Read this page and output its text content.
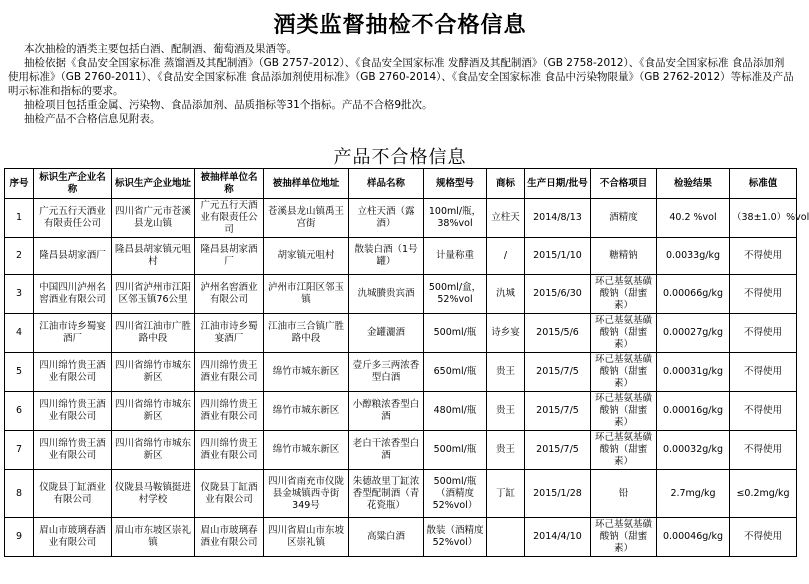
酒类监督抽检不合格信息

本次抽检的酒类主要包括白酒、配制酒、葡萄酒及果酒等。

抽检依据《食品安全国家标准 蒸馏酒及其配制酒》（GB 2757-2012）、《食品安全国家标准 发酵酒及其配制酒》（GB 2758-2012）、《食品安全国家标准 食品添加剂使用标准》（GB 2760-2011）、《食品安全国家标准 食品添加剂使用标准》（GB 2760-2014）、《食品安全国家标准 食品中污染物限量》（GB 2762-2012）等标准及产品明示标准和指标的要求。

抽检项目包括重金属、污染物、食品添加剂、品质指标等31个指标。产品不合格9批次。

抽检产品不合格信息见附表。

产品不合格信息
序号	标识生产企业名称	标识生产企业地址	被抽样单位名称	被抽样单位地址	样品名称	规格型号	商标	生产日期/批号	不合格项目	检验结果	标准值
1	广元五行天酒业有限责任公司	四川省广元市苍溪县龙山镇	广元五行天酒业有限责任公司	苍溪县龙山镇禹王宫街	立柱天酒（露酒）	100ml/瓶，38%vol	立柱天	2014/8/13	酒精度	40.2 %vol	（38±1.0）%vol
2	隆昌县胡家酒厂	隆昌县胡家镇元咀村	隆昌县胡家酒厂	胡家镇元咀村	散装白酒（1号罐）	计量称重	/	2015/1/10	糖精钠	0.0033g/kg	不得使用
3	中国四川泸州名窖酒业有限公司	四川省泸州市江阳区邻玉镇76公里	泸州名窖酒业有限公司	泸州市江阳区邻玉镇	氿城賸贵宾酒	500ml/盒，52%vol	氿城	2015/6/30	环己基氨基磺酸钠（甜蜜素）	0.00066g/kg	不得使用
4	江油市诗乡蜀宴酒厂	四川省江油市广胜路中段	江油市诗乡蜀宴酒厂	江油市三合镇广胜路中段	金罐灑酒	500ml/瓶	诗乡宴	2015/5/6	环己基氨基磺酸钠（甜蜜素）	0.00027g/kg	不得使用
5	四川绵竹贵王酒业有限公司	四川省绵竹市城东新区	四川绵竹贵王酒业有限公司	绵竹市城东新区	壹斤多三两浓香型白酒	650ml/瓶	贵王	2015/7/5	环己基氨基磺酸钠（甜蜜素）	0.00031g/kg	不得使用
6	四川绵竹贵王酒业有限公司	四川省绵竹市城东新区	四川绵竹贵王酒业有限公司	绵竹市城东新区	小醇粮浓香型白酒	480ml/瓶	贵王	2015/7/5	环己基氨基磺酸钠（甜蜜素）	0.00016g/kg	不得使用
7	四川绵竹贵王酒业有限公司	四川省绵竹市城东新区	四川绵竹贵王酒业有限公司	绵竹市城东新区	老白干浓香型白酒	500ml/瓶	贵王	2015/7/5	环己基氨基磺酸钠（甜蜜素）	0.00032g/kg	不得使用
8	仪陇县丁缸酒业有限公司	仪陇县马鞍镇挺进村学校	仪陇县丁缸酒业有限公司	四川省南充市仪陇县金城镇西寺街349号	朱德故里丁缸浓香型配制酒（青花瓷瓶）	500ml/瓶（酒精度52%vol）	丁缸	2015/1/28	铅	2.7mg/kg	≤0.2mg/kg
9	眉山市玻璃春酒业有限公司	眉山市东坡区崇礼镇	眉山市玻璃春酒业有限公司	四川省眉山市东坡区崇礼镇	高粱白酒	散装（酒精度52%vol）		2014/4/10	环己基氨基磺酸钠（甜蜜素）	0.00046g/kg	不得使用
